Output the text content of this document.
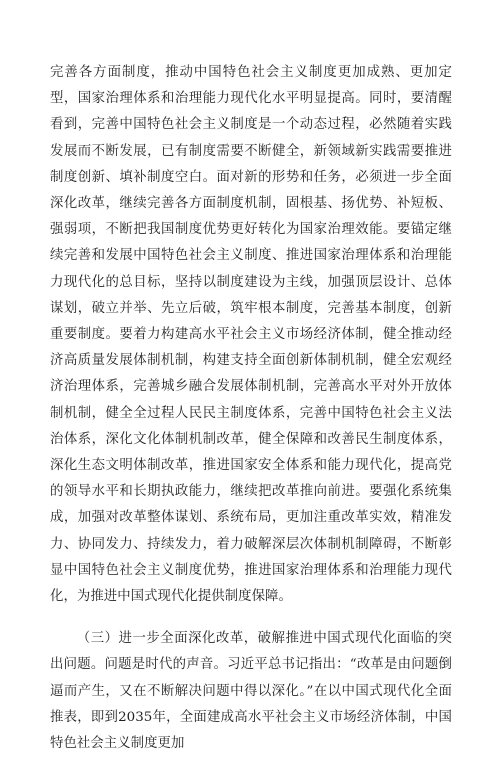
完善各方面制度，推动中国特色社会主义制度更加成熟、更加定型，国家治理体系和治理能力现代化水平明显提高。同时，要清醒看到，完善中国特色社会主义制度是一个动态过程，必然随着实践发展而不断发展，已有制度需要不断健全，新领域新实践需要推进制度创新、填补制度空白。面对新的形势和任务，必须进一步全面深化改革，继续完善各方面制度机制，固根基、扬优势、补短板、强弱项，不断把我国制度优势更好转化为国家治理效能。要锚定继续完善和发展中国特色社会主义制度、推进国家治理体系和治理能力现代化的总目标，坚持以制度建设为主线，加强顶层设计、总体谋划，破立并举、先立后破，筑牢根本制度，完善基本制度，创新重要制度。要着力构建高水平社会主义市场经济体制，健全推动经济高质量发展体制机制，构建支持全面创新体制机制，健全宏观经济治理体系，完善城乡融合发展体制机制，完善高水平对外开放体制机制，健全全过程人民民主制度体系，完善中国特色社会主义法治体系，深化文化体制机制改革，健全保障和改善民生制度体系，深化生态文明体制改革，推进国家安全体系和能力现代化，提高党的领导水平和长期执政能力，继续把改革推向前进。要强化系统集成，加强对改革整体谋划、系统布局，更加注重改革实效，精准发力、协同发力、持续发力，着力破解深层次体制机制障碍，不断彰显中国特色社会主义制度优势，推进国家治理体系和治理能力现代化，为推进中国式现代化提供制度保障。

（三）进一步全面深化改革，破解推进中国式现代化面临的突出问题。问题是时代的声音。习近平总书记指出：“改革是由问题倒逼而产生，又在不断解决问题中得以深化。”在以中国式现代化全面推表，即到2035年，全面建成高水平社会主义市场经济体制，中国特色社会主义制度更加
